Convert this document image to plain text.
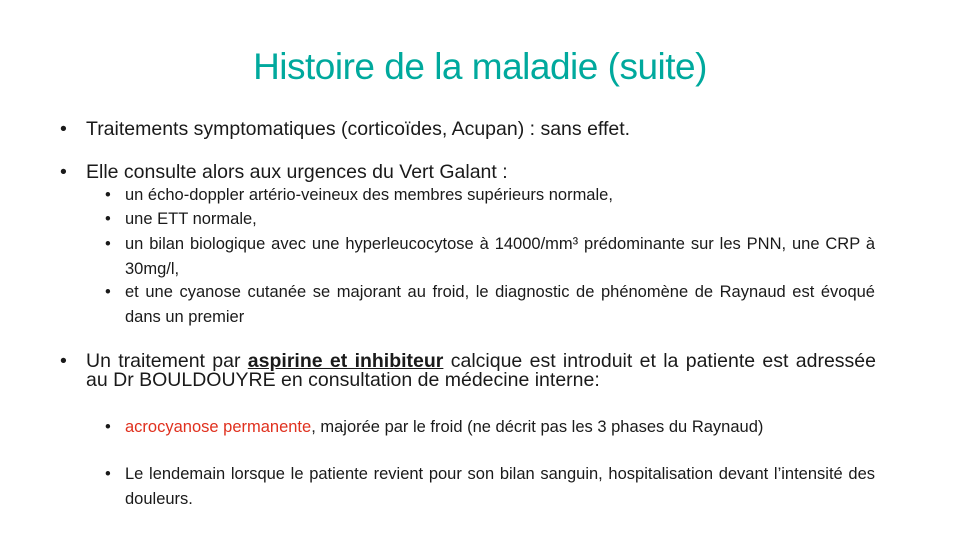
Histoire de la maladie (suite)
• Traitements symptomatiques (corticoïdes, Acupan) : sans effet.
• Elle consulte alors aux urgences du Vert Galant :
• un écho-doppler artério-veineux des membres supérieurs normale,
• une ETT normale,
• un bilan biologique avec une hyperleucocytose à 14000/mm³ prédominante sur les PNN, une CRP à 30mg/l,
• et une cyanose cutanée se majorant au froid, le diagnostic de phénomène de Raynaud est évoqué dans un premier
• Un traitement par aspirine et inhibiteur calcique est introduit et la patiente est adressée au Dr BOULDOUYRE en consultation de médecine interne:
• acrocyanose permanente, majorée par le froid (ne décrit pas les 3 phases du Raynaud)
• Le lendemain lorsque le patiente revient pour son bilan sanguin, hospitalisation devant l’intensité des douleurs.
